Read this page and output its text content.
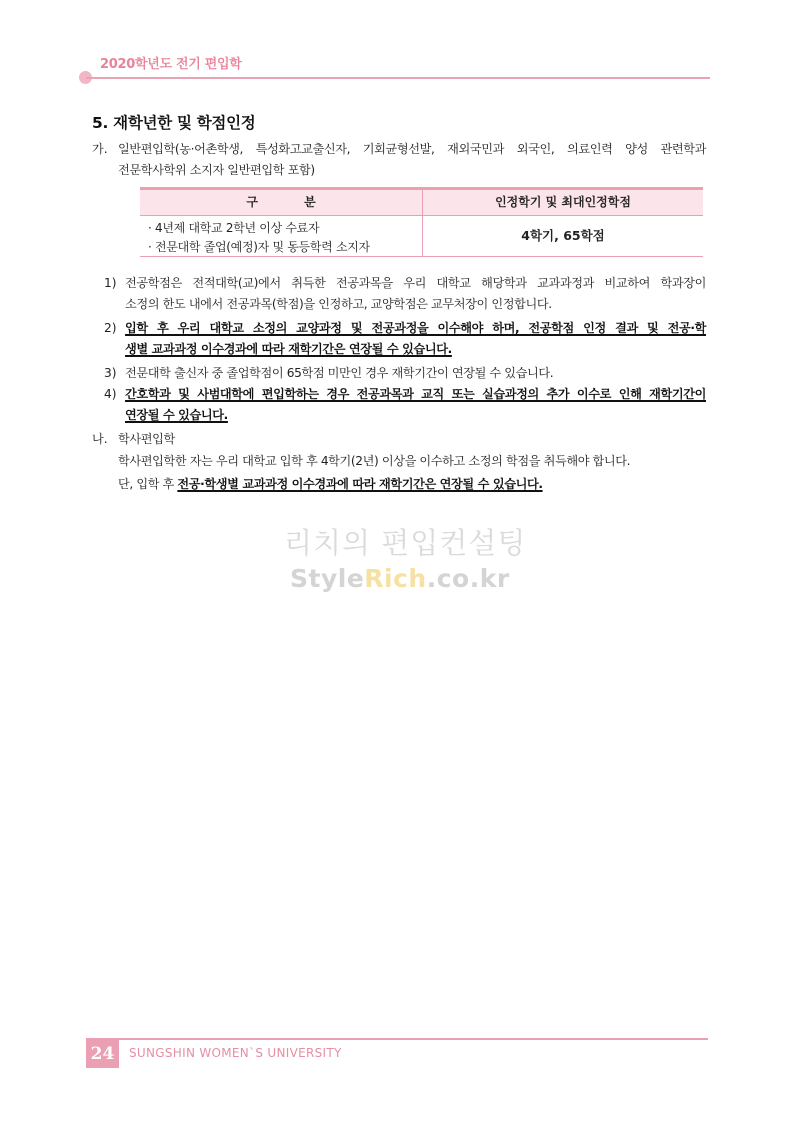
2020학년도 전기 편입학
5. 재학년한 및 학점인정
가. 일반편입학(농·어촌학생, 특성화고교출신자, 기회균형선발, 재외국민과 외국인, 의료인력 양성 관련학과
전문학사학위 소지자 일반편입학 포함)
구 분	인정학기 및 최대인정학점
· 4년제 대학교 2학년 이상 수료자
· 전문대학 졸업(예정)자 및 동등학력 소지자
4학기, 65학점
1) 전공학점은 전적대학(교)에서 취득한 전공과목을 우리 대학교 해당학과 교과과정과 비교하여 학과장이
소정의 한도 내에서 전공과목(학점)을 인정하고, 교양학점은 교무처장이 인정합니다.
2) 입학 후 우리 대학교 소정의 교양과정 및 전공과정을 이수해야 하며, 전공학점 인정 결과 및 전공·학
생별 교과과정 이수경과에 따라 재학기간은 연장될 수 있습니다.
3) 전문대학 출신자 중 졸업학점이 65학점 미만인 경우 재학기간이 연장될 수 있습니다.
4) 간호학과 및 사범대학에 편입학하는 경우 전공과목과 교직 또는 실습과정의 추가 이수로 인해 재학기간이
연장될 수 있습니다.
나. 학사편입학
학사편입학한 자는 우리 대학교 입학 후 4학기(2년) 이상을 이수하고 소정의 학점을 취득해야 합니다.
단, 입학 후 전공·학생별 교과과정 이수경과에 따라 재학기간은 연장될 수 있습니다.
리치의 편입컨설팅
StyleRich.co.kr
24	SUNGSHIN WOMEN`S UNIVERSITY
